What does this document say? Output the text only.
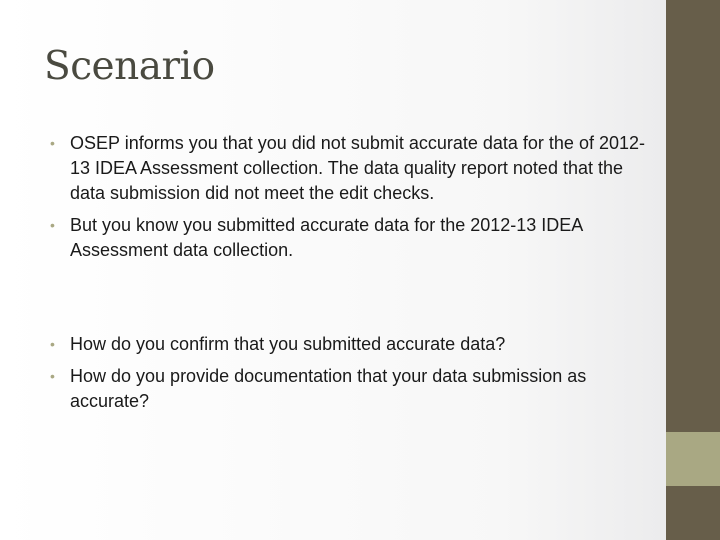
Scenario
• OSEP informs you that you did not submit accurate data for the of 2012-13 IDEA Assessment collection. The data quality report noted that the data submission did not meet the edit checks.
• But you know you submitted accurate data for the 2012-13 IDEA Assessment data collection.
• How do you confirm that you submitted accurate data?
• How do you provide documentation that your data submission as accurate?
